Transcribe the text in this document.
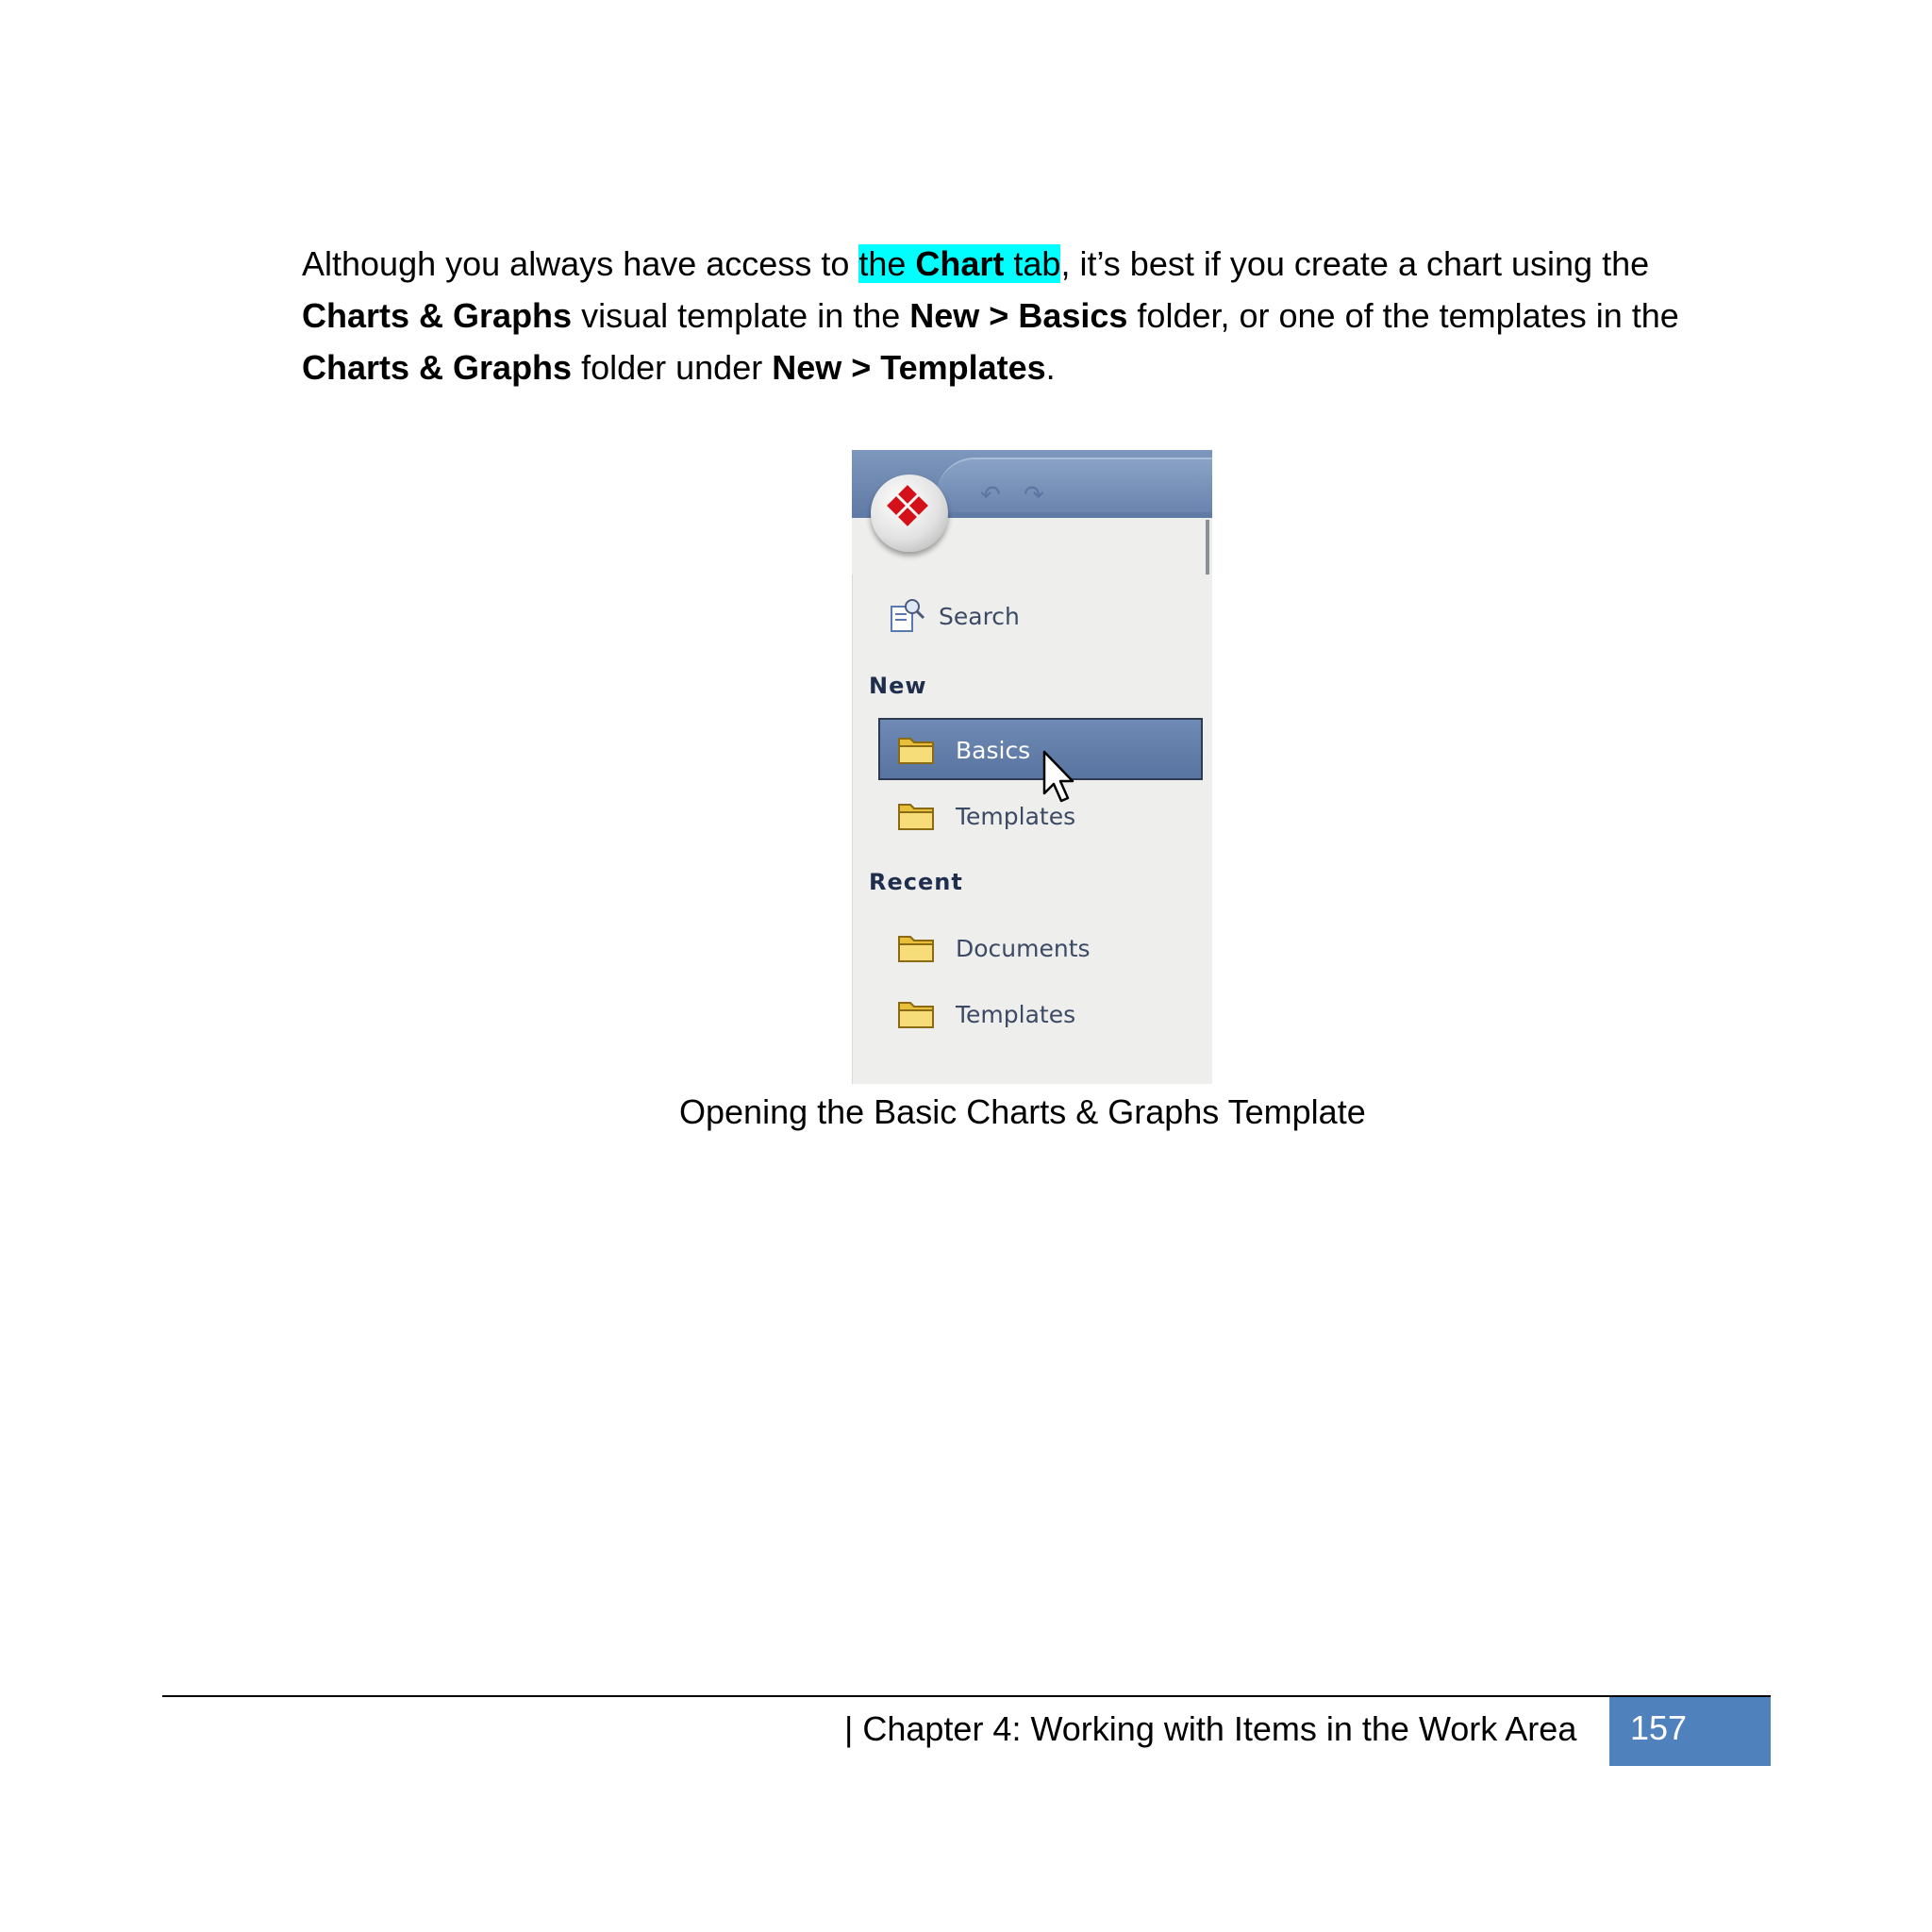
Although you always have access to the Chart tab, it’s best if you create a chart using the Charts & Graphs visual template in the New > Basics folder, or one of the templates in the Charts & Graphs folder under New > Templates.

↶ ↷
Search
New
Basics
Templates
Recent
Documents
Templates
Opening the Basic Charts & Graphs Template
| Chapter 4: Working with Items in the Work Area	157
